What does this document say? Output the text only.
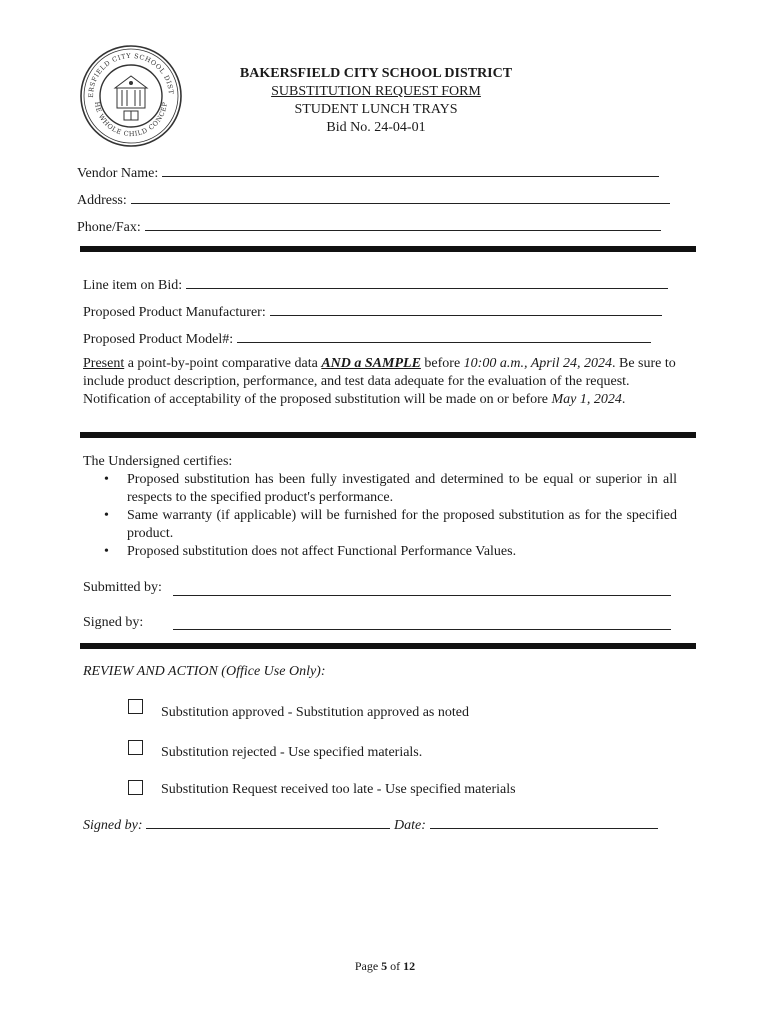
ERSFIELD CITY SCHOOL DIST
HE WHOLE CHILD CONCEP
BAKERSFIELD CITY SCHOOL DISTRICT
SUBSTITUTION REQUEST FORM
STUDENT LUNCH TRAYS
Bid No. 24-04-01
Vendor Name:
Address:
Phone/Fax:
Line item on Bid:
Proposed Product Manufacturer:
Proposed Product Model#:
Present a point-by-point comparative data AND a SAMPLE before 10:00 a.m., April 24, 2024. Be sure to include product description, performance, and test data adequate for the evaluation of the request. Notification of acceptability of the proposed substitution will be made on or before May 1, 2024.
The Undersigned certifies:
• Proposed substitution has been fully investigated and determined to be equal or superior in all respects to the specified product's performance.
• Same warranty (if applicable) will be furnished for the proposed substitution as for the specified product.
• Proposed substitution does not affect Functional Performance Values.
Submitted by:
Signed by:
REVIEW AND ACTION (Office Use Only):
Substitution approved - Substitution approved as noted
Substitution rejected - Use specified materials.
Substitution Request received too late - Use specified materials
Signed by:	Date:
Page 5 of 12
